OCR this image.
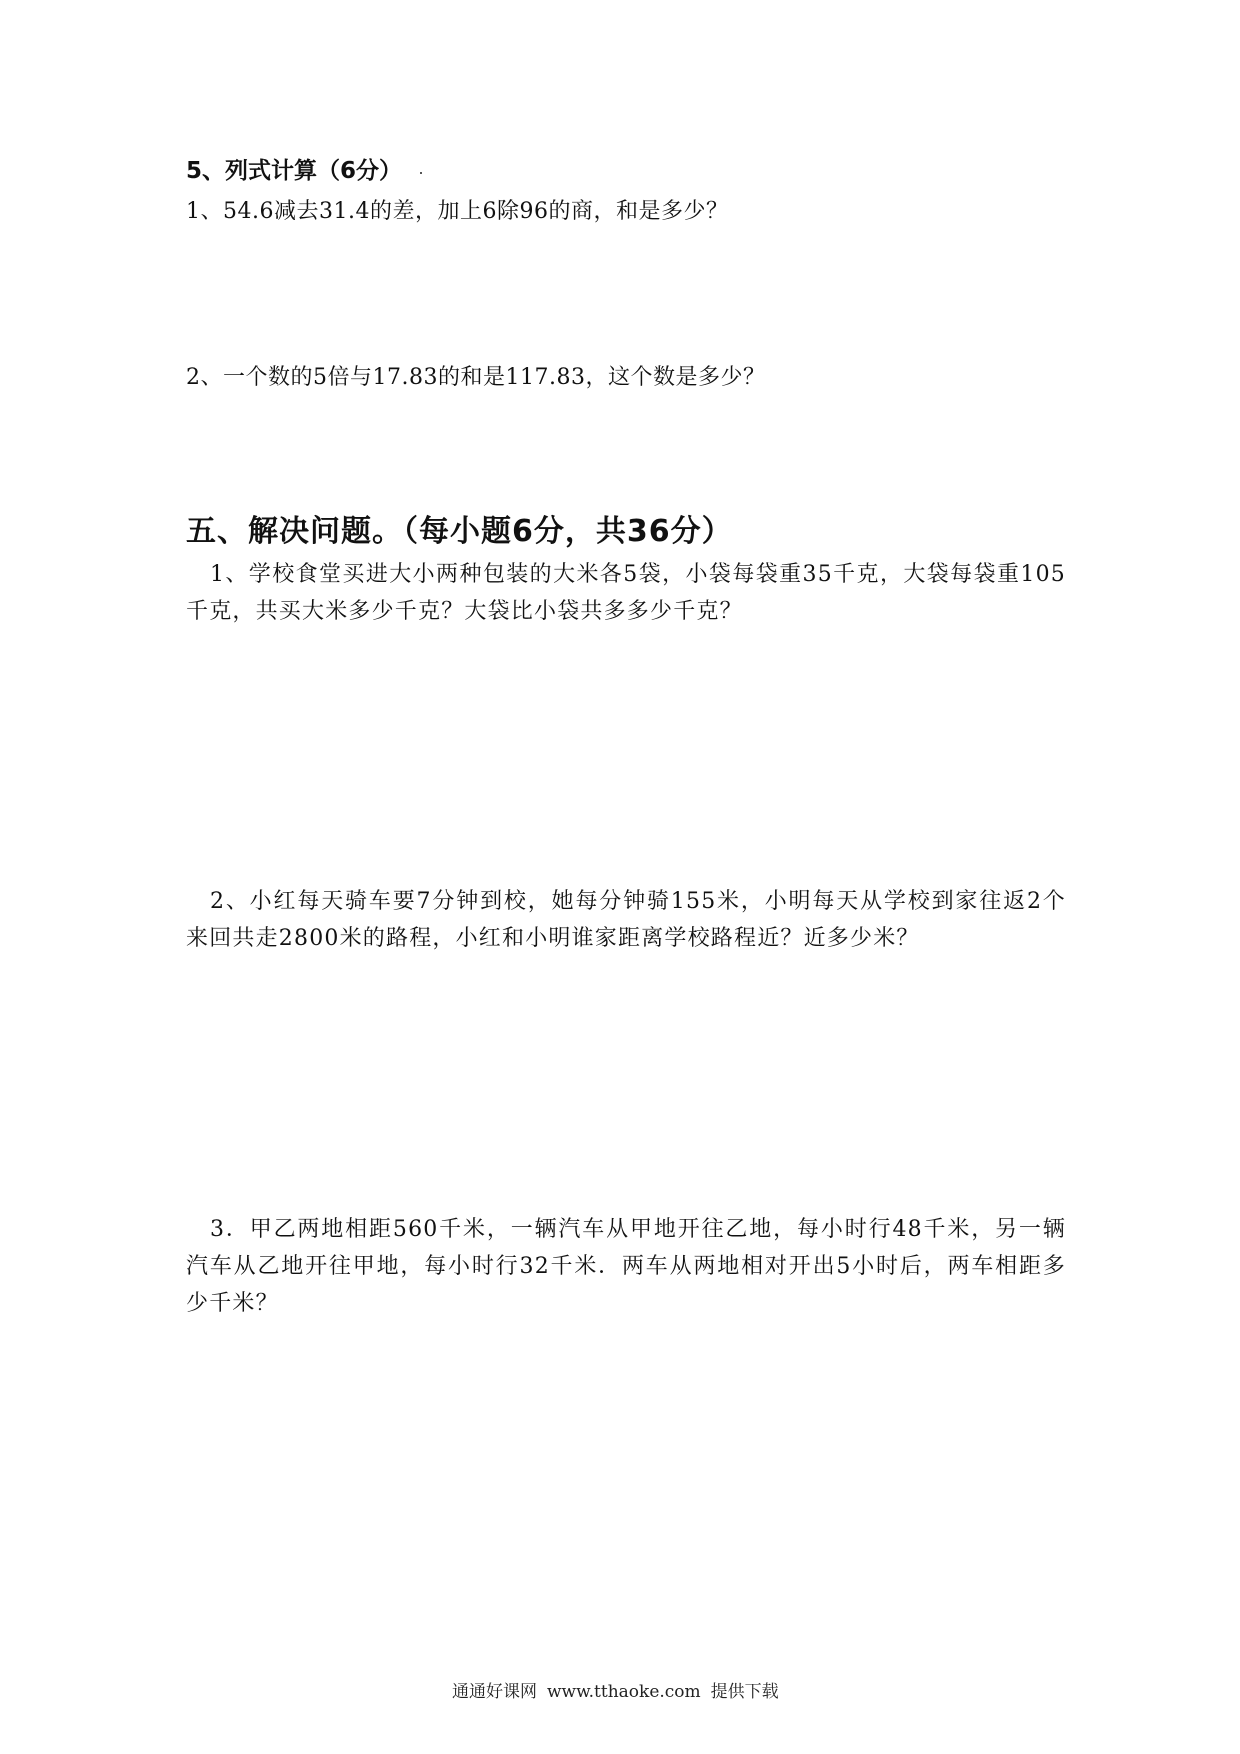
5、列式计算（6分）
1、54.6减去31.4的差，加上6除96的商，和是多少？
2、一个数的5倍与17.83的和是117.83，这个数是多少？
五、解决问题。（每小题6分，共36分）
1、学校食堂买进大小两种包装的大米各5袋，小袋每袋重35千克，大袋每袋重105千克，共买大米多少千克？大袋比小袋共多多少千克？
2、小红每天骑车要7分钟到校，她每分钟骑155米，小明每天从学校到家往返2个来回共走2800米的路程，小红和小明谁家距离学校路程近？近多少米？
3．甲乙两地相距560千米，一辆汽车从甲地开往乙地，每小时行48千米，另一辆汽车从乙地开往甲地，每小时行32千米．两车从两地相对开出5小时后，两车相距多少千米？
通通好课网 www.tthaoke.com 提供下载
